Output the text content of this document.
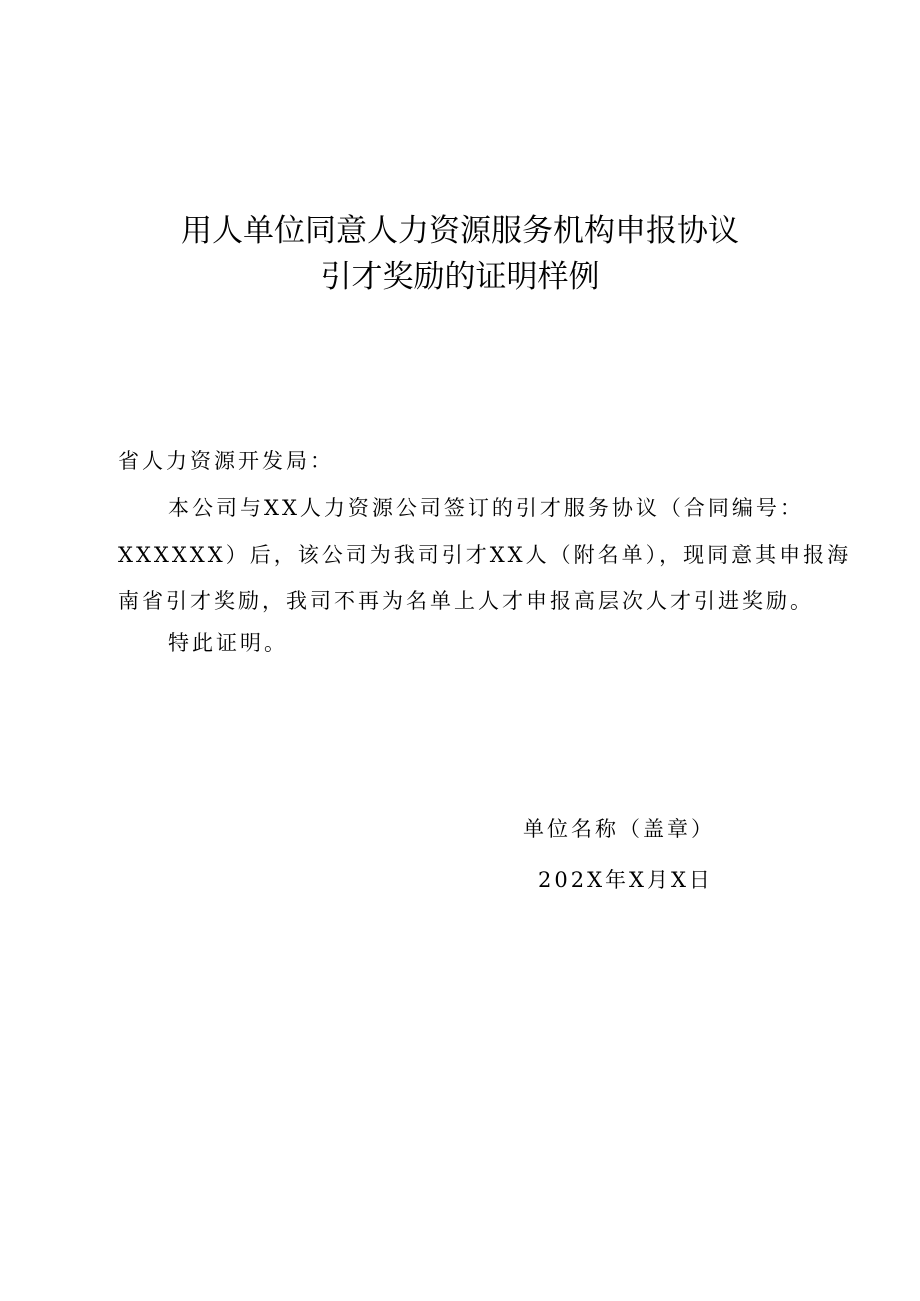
用人单位同意人力资源服务机构申报协议
引才奖励的证明样例
省人力资源开发局：
本公司与XX人力资源公司签订的引才服务协议（合同编号：
XXXXXX）后，该公司为我司引才XX人（附名单），现同意其申报海
南省引才奖励，我司不再为名单上人才申报高层次人才引进奖励。
特此证明。
单位名称（盖章）
202X年X月X日
